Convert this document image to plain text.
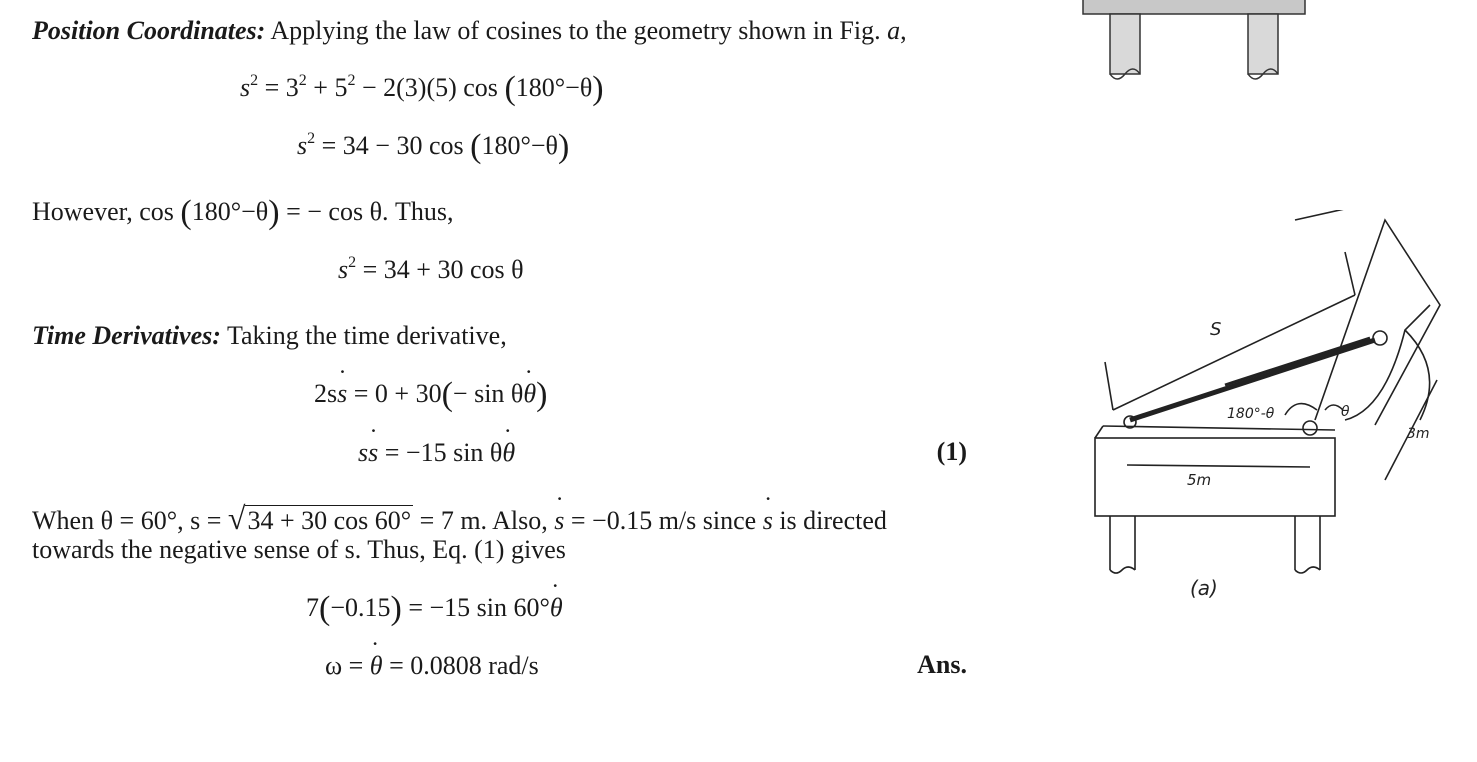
Position Coordinates: Applying the law of cosines to the geometry shown in Fig. a,
$s^2 = 3^2 + 5^2 - 2(3)(5)$ cos (180°−θ)
$s^2 = 34 - 30$ cos (180°−θ)
However, cos (180°−θ) = − cos θ. Thus,
$s^2 = 34 + 30$ cos θ
Time Derivatives: Taking the time derivative,
2ss ˙ = 0 + 30(− sin θθ ˙)
ss ˙ = −15 sin θθ ˙	(1)
When θ = 60°, s = √34 + 30 cos 60° = 7 m. Also, s ˙ = −0.15 m/s since s ˙ is directed
towards the negative sense of s. Thus, Eq. (1) gives
7(−0.15) = −15 sin 60°θ ˙
ω = θ ˙ = 0.0808 rad/s	Ans.
S
180°-θ	θ
3m
5m
(a)
